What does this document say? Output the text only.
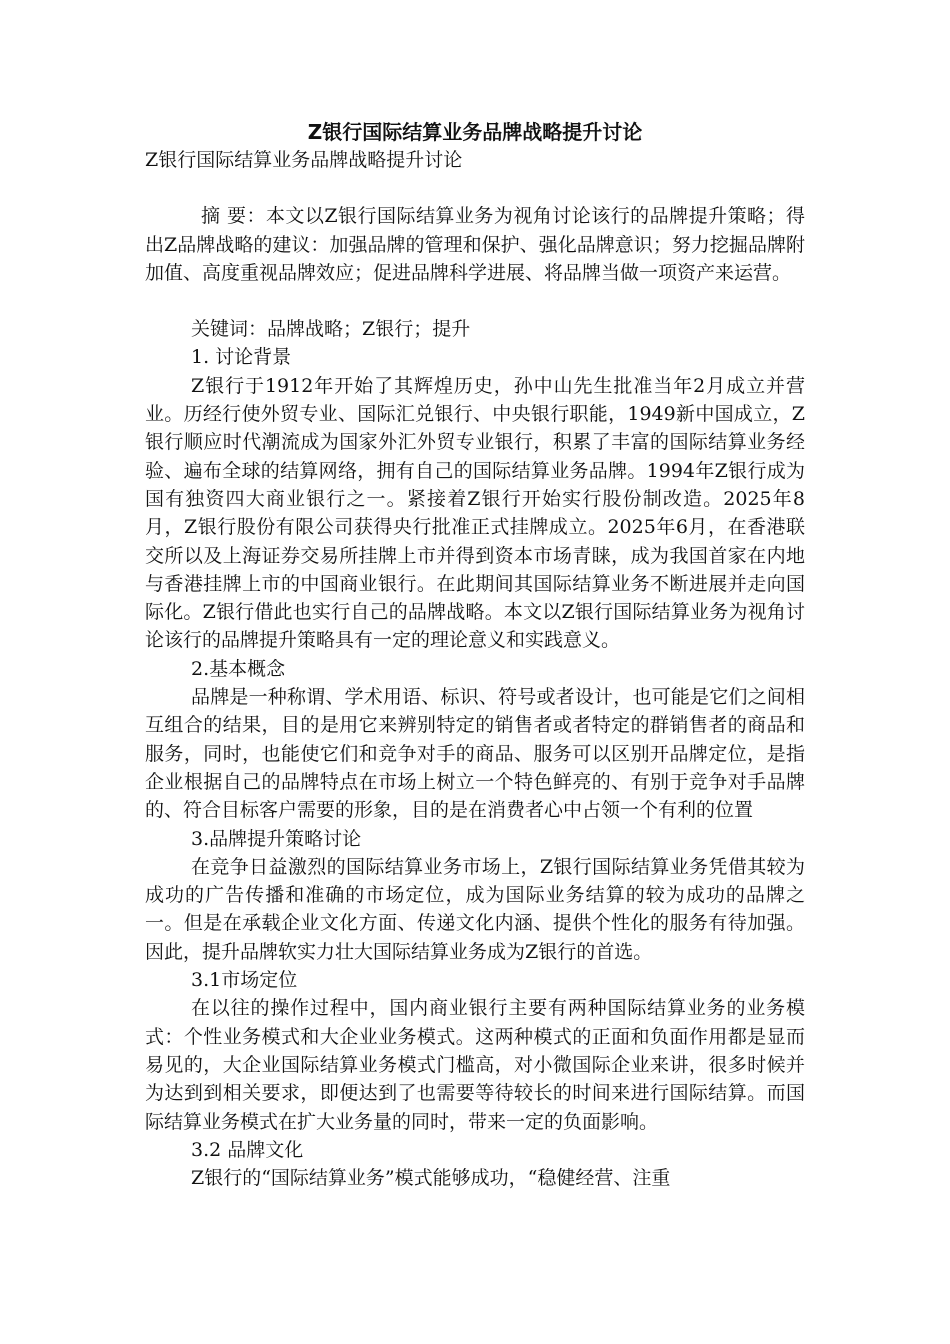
Z银行国际结算业务品牌战略提升讨论

Z银行国际结算业务品牌战略提升讨论

摘 要：本文以Z银行国际结算业务为视角讨论该行的品牌提升策略；得出Z品牌战略的建议：加强品牌的管理和保护、强化品牌意识；努力挖掘品牌附加值、高度重视品牌效应；促进品牌科学进展、将品牌当做一项资产来运营。

关键词：品牌战略；Z银行；提升

1. 讨论背景

Z银行于1912年开始了其辉煌历史，孙中山先生批准当年2月成立并营业。历经行使外贸专业、国际汇兑银行、中央银行职能，1949新中国成立，Z银行顺应时代潮流成为国家外汇外贸专业银行，积累了丰富的国际结算业务经验、遍布全球的结算网络，拥有自己的国际结算业务品牌。1994年Z银行成为国有独资四大商业银行之一。紧接着Z银行开始实行股份制改造。2025年8月，Z银行股份有限公司获得央行批准正式挂牌成立。2025年6月，在香港联交所以及上海证券交易所挂牌上市并得到资本市场青睐，成为我国首家在内地与香港挂牌上市的中国商业银行。在此期间其国际结算业务不断进展并走向国际化。Z银行借此也实行自己的品牌战略。本文以Z银行国际结算业务为视角讨论该行的品牌提升策略具有一定的理论意义和实践意义。

2.基本概念

品牌是一种称谓、学术用语、标识、符号或者设计，也可能是它们之间相互组合的结果，目的是用它来辨别特定的销售者或者特定的群销售者的商品和服务，同时，也能使它们和竞争对手的商品、服务可以区别开品牌定位，是指企业根据自己的品牌特点在市场上树立一个特色鲜亮的、有别于竞争对手品牌的、符合目标客户需要的形象，目的是在消费者心中占领一个有利的位置

3.品牌提升策略讨论

在竞争日益激烈的国际结算业务市场上，Z银行国际结算业务凭借其较为成功的广告传播和准确的市场定位，成为国际业务结算的较为成功的品牌之一。但是在承载企业文化方面、传递文化内涵、提供个性化的服务有待加强。因此，提升品牌软实力壮大国际结算业务成为Z银行的首选。

3.1市场定位

在以往的操作过程中，国内商业银行主要有两种国际结算业务的业务模式：个性业务模式和大企业业务模式。这两种模式的正面和负面作用都是显而易见的，大企业国际结算业务模式门槛高，对小微国际企业来讲，很多时候并为达到到相关要求，即便达到了也需要等待较长的时间来进行国际结算。而国际结算业务模式在扩大业务量的同时，带来一定的负面影响。

3.2 品牌文化

Z银行的“国际结算业务”模式能够成功，“稳健经营、注重
